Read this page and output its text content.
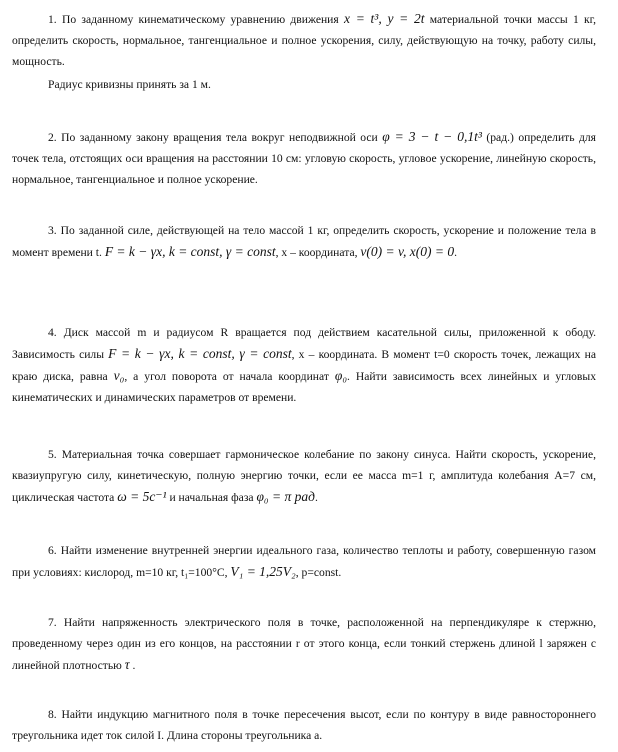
1. По заданному кинематическому уравнению движения x = t³, y = 2t материальной точки массы 1 кг, определить скорость, нормальное, тангенциальное и полное ускорения, силу, действующую на точку, работу силы, мощность.

Радиус кривизны принять за 1 м.

2. По заданному закону вращения тела вокруг неподвижной оси φ = 3 − t − 0,1t³ (рад.) определить для точек тела, отстоящих оси вращения на расстоянии 10 см: угловую скорость, угловое ускорение, линейную скорость, нормальное, тангенциальное и полное ускорение.

3. По заданной силе, действующей на тело массой 1 кг, определить скорость, ускорение и положение тела в момент времени t. F = k − γx, k = const, γ = const, x – координата, v(0) = v, x(0) = 0.

4. Диск массой m и радиусом R вращается под действием касательной силы, приложенной к ободу. Зависимость силы F = k − γx, k = const, γ = const, x – координата. В момент t=0 скорость точек, лежащих на краю диска, равна v₀, а угол поворота от начала координат φ₀. Найти зависимость всех линейных и угловых кинематических и динамических параметров от времени.

5. Материальная точка совершает гармоническое колебание по закону синуса. Найти скорость, ускорение, квазиупругую силу, кинетическую, полную энергию точки, если ее масса m=1 г, амплитуда колебания A=7 см, циклическая частота ω = 5c⁻¹ и начальная фаза φ₀ = π рад.

6. Найти изменение внутренней энергии идеального газа, количество теплоты и работу, совершенную газом при условиях: кислород, m=10 кг, t₁=100°C, V₁ = 1,25V₂, p=const.

7. Найти напряженность электрического поля в точке, расположенной на перпендикуляре к стержню, проведенному через один из его концов, на расстоянии r от этого конца, если тонкий стержень длиной l заряжен с линейной плотностью τ .

8. Найти индукцию магнитного поля в точке пересечения высот, если по контуру в виде равностороннего треугольника идет ток силой I. Длина стороны треугольника a.
